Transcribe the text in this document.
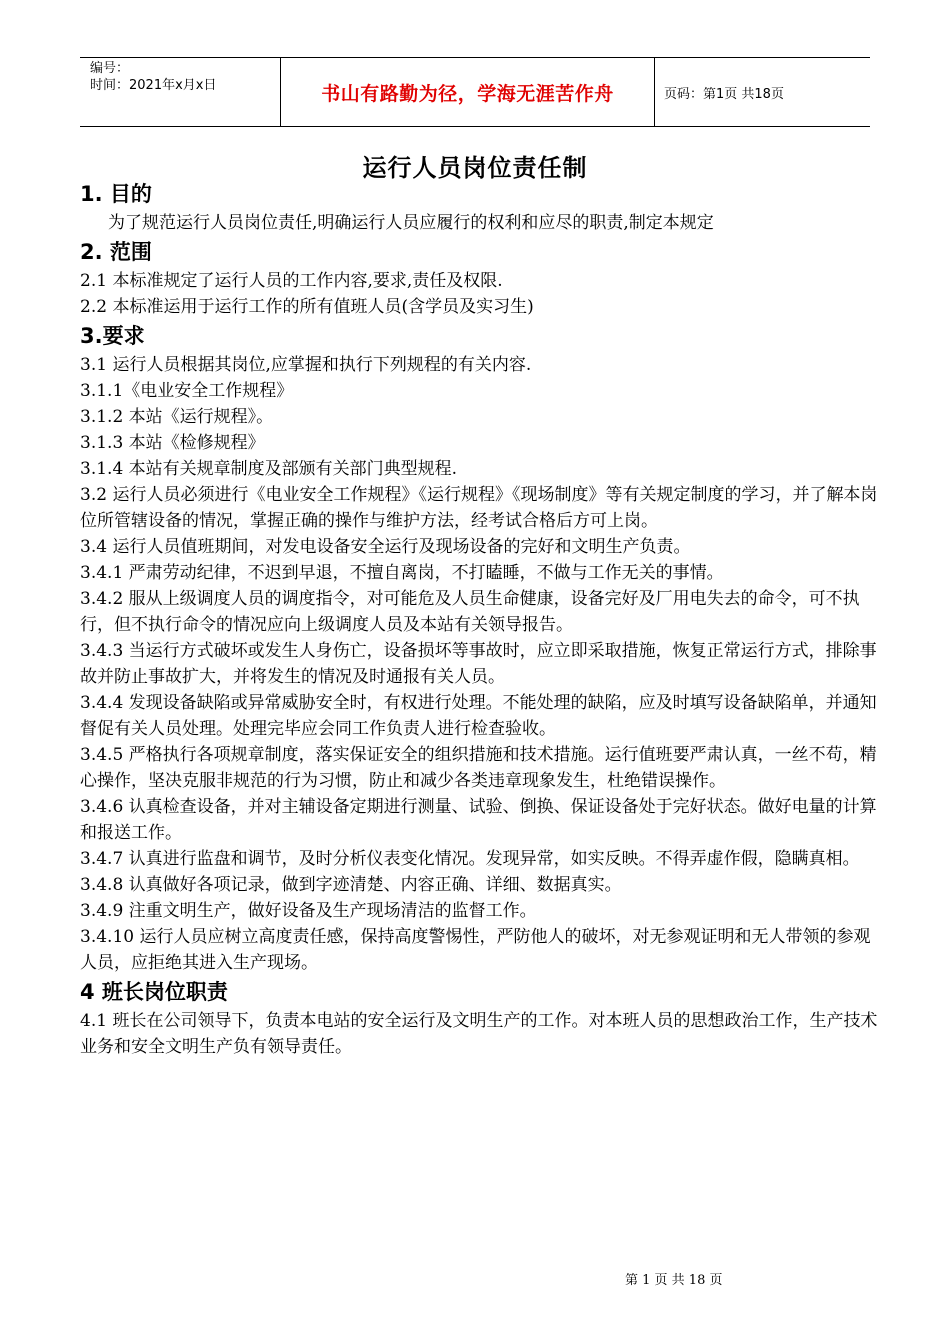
编号：
时间：2021年x月x日	书山有路勤为径，学海无涯苦作舟	页码：第1页 共18页
运行人员岗位责任制

1. 目的

为了规范运行人员岗位责任,明确运行人员应履行的权利和应尽的职责,制定本规定

2. 范围

2.1 本标准规定了运行人员的工作内容,要求,责任及权限.

2.2 本标准运用于运行工作的所有值班人员(含学员及实习生)

3.要求

3.1 运行人员根据其岗位,应掌握和执行下列规程的有关内容.

3.1.1《电业安全工作规程》

3.1.2 本站《运行规程》。

3.1.3 本站《检修规程》

3.1.4 本站有关规章制度及部颁有关部门典型规程.

3.2 运行人员必须进行《电业安全工作规程》《运行规程》《现场制度》等有关规定制度的学习，并了解本岗位所管辖设备的情况，掌握正确的操作与维护方法，经考试合格后方可上岗。

3.4 运行人员值班期间，对发电设备安全运行及现场设备的完好和文明生产负责。

3.4.1 严肃劳动纪律，不迟到早退，不擅自离岗，不打瞌睡，不做与工作无关的事情。

3.4.2 服从上级调度人员的调度指令，对可能危及人员生命健康，设备完好及厂用电失去的命令，可不执行，但不执行命令的情况应向上级调度人员及本站有关领导报告。

3.4.3 当运行方式破坏或发生人身伤亡，设备损坏等事故时，应立即采取措施，恢复正常运行方式，排除事故并防止事故扩大，并将发生的情况及时通报有关人员。

3.4.4 发现设备缺陷或异常威胁安全时，有权进行处理。不能处理的缺陷，应及时填写设备缺陷单，并通知督促有关人员处理。处理完毕应会同工作负责人进行检查验收。

3.4.5 严格执行各项规章制度，落实保证安全的组织措施和技术措施。运行值班要严肃认真，一丝不苟，精心操作，坚决克服非规范的行为习惯，防止和减少各类违章现象发生，杜绝错误操作。

3.4.6 认真检查设备，并对主辅设备定期进行测量、试验、倒换、保证设备处于完好状态。做好电量的计算和报送工作。

3.4.7 认真进行监盘和调节，及时分析仪表变化情况。发现异常，如实反映。不得弄虚作假，隐瞒真相。

3.4.8 认真做好各项记录，做到字迹清楚、内容正确、详细、数据真实。

3.4.9 注重文明生产，做好设备及生产现场清洁的监督工作。

3.4.10 运行人员应树立高度责任感，保持高度警惕性，严防他人的破坏，对无参观证明和无人带领的参观人员，应拒绝其进入生产现场。

4 班长岗位职责

4.1 班长在公司领导下，负责本电站的安全运行及文明生产的工作。对本班人员的思想政治工作，生产技术业务和安全文明生产负有领导责任。

第 1 页 共 18 页
